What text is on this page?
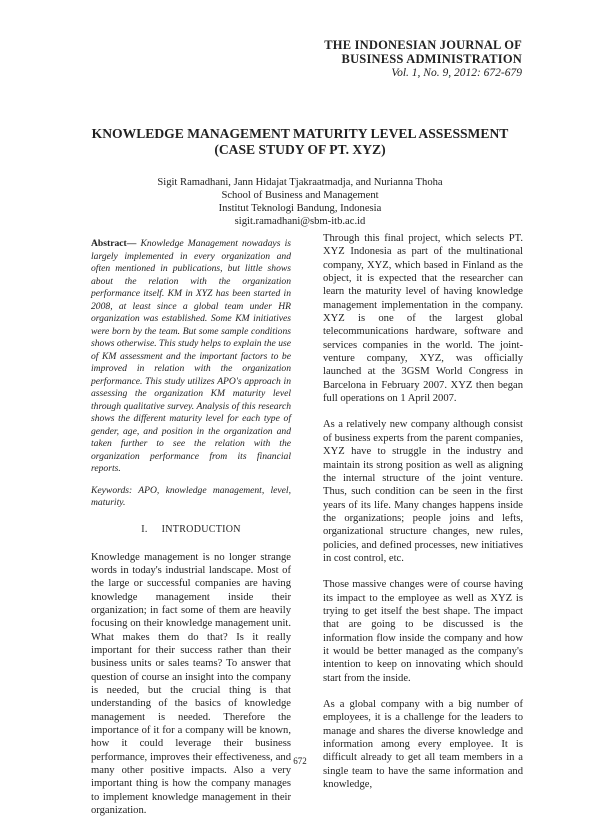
THE INDONESIAN JOURNAL OF
BUSINESS ADMINISTRATION
Vol. 1, No. 9, 2012: 672-679
KNOWLEDGE MANAGEMENT MATURITY LEVEL ASSESSMENT
(CASE STUDY OF PT. XYZ)
Sigit Ramadhani, Jann Hidajat Tjakraatmadja, and Nurianna Thoha
School of Business and Management
Institut Teknologi Bandung, Indonesia
sigit.ramadhani@sbm-itb.ac.id

Abstract— Knowledge Management nowadays is largely implemented in every organization and often mentioned in publications, but little shows about the relation with the organization performance itself. KM in XYZ has been started in 2008, at least since a global team under HR organization was established. Some KM initiatives were born by the team. But some sample conditions shows otherwise. This study helps to explain the use of KM assessment and the important factors to be improved in relation with the organization performance. This study utilizes APO's approach in assessing the organization KM maturity level through qualitative survey. Analysis of this research shows the different maturity level for each type of gender, age, and position in the organization and taken further to see the relation with the organization performance from its financial reports.

Keywords: APO, knowledge management, level, maturity.

I. INTRODUCTION

Knowledge management is no longer strange words in today's industrial landscape. Most of the large or successful companies are having knowledge management inside their organization; in fact some of them are heavily focusing on their knowledge management unit. What makes them do that? Is it really important for their success rather than their business units or sales teams? To answer that question of course an insight into the company is needed, but the crucial thing is that understanding of the basics of knowledge management is needed. Therefore the importance of it for a company will be known, how it could leverage their business performance, improves their effectiveness, and many other positive impacts. Also a very important thing is how the company manages to implement knowledge management in their organization.

Through this final project, which selects PT. XYZ Indonesia as part of the multinational company, XYZ, which based in Finland as the object, it is expected that the researcher can learn the maturity level of having knowledge management implementation in the company. XYZ is one of the largest global telecommunications hardware, software and services companies in the world. The joint-venture company, XYZ, was officially launched at the 3GSM World Congress in Barcelona in February 2007. XYZ then began full operations on 1 April 2007.

As a relatively new company although consist of business experts from the parent companies, XYZ have to struggle in the industry and maintain its strong position as well as aligning the internal structure of the joint venture. Thus, such condition can be seen in the first years of its life. Many changes happens inside the organizations; people joins and lefts, organizational structure changes, new rules, policies, and defined processes, new initiatives in cost control, etc.

Those massive changes were of course having its impact to the employee as well as XYZ is trying to get itself the best shape. The impact that are going to be discussed is the information flow inside the company and how it would be better managed as the company's intention to keep on innovating which should start from the inside.

As a global company with a big number of employees, it is a challenge for the leaders to manage and shares the diverse knowledge and information among every employee. It is difficult already to get all team members in a single team to have the same information and knowledge,

672
